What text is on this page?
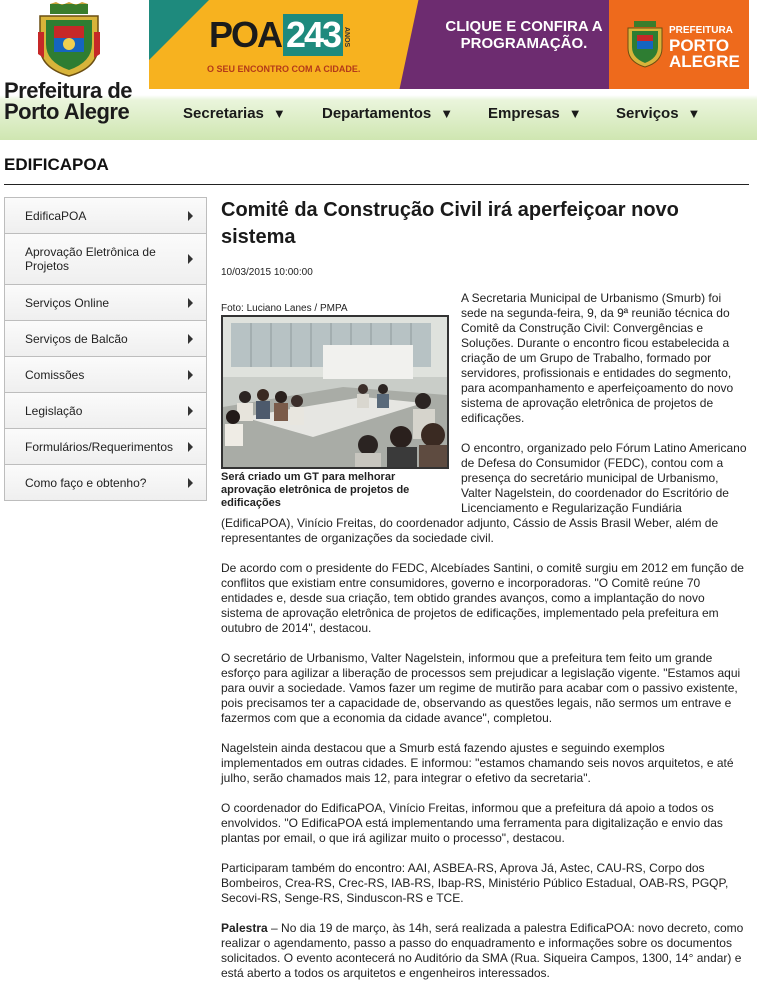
Prefeitura de
Porto Alegre
POA 243 ANOS
O SEU ENCONTRO COM A CIDADE.
CLIQUE E CONFIRA A PROGRAMAÇÃO.
PREFEITURA
PORTO
ALEGRE
Secretarias ▼ Departamentos ▼ Empresas ▼ Serviços ▼
EDIFICAPOA
EdificaPOA
Aprovação Eletrônica de Projetos
Serviços Online
Serviços de Balcão
Comissões
Legislação
Formulários/Requerimentos
Como faço e obtenho?
Comitê da Construção Civil irá aperfeiçoar novo sistema
10/03/2015 10:00:00
Foto: Luciano Lanes / PMPA
Será criado um GT para melhorar aprovação eletrônica de projetos de edificações

A Secretaria Municipal de Urbanismo (Smurb) foi sede na segunda-feira, 9, da 9ª reunião técnica do Comitê da Construção Civil: Convergências e Soluções. Durante o encontro ficou estabelecida a criação de um Grupo de Trabalho, formado por servidores, profissionais e entidades do segmento, para acompanhamento e aperfeiçoamento do novo sistema de aprovação eletrônica de projetos de edificações.

O encontro, organizado pelo Fórum Latino Americano de Defesa do Consumidor (FEDC), contou com a presença do secretário municipal de Urbanismo, Valter Nagelstein, do coordenador do Escritório de Licenciamento e Regularização Fundiária (EdificaPOA), Vinício Freitas, do coordenador adjunto, Cássio de Assis Brasil Weber, além de representantes de organizações da sociedade civil.

De acordo com o presidente do FEDC, Alcebíades Santini, o comitê surgiu em 2012 em função de conflitos que existiam entre consumidores, governo e incorporadoras. "O Comitê reúne 70 entidades e, desde sua criação, tem obtido grandes avanços, como a implantação do novo sistema de aprovação eletrônica de projetos de edificações, implementado pela prefeitura em outubro de 2014", destacou.

O secretário de Urbanismo, Valter Nagelstein, informou que a prefeitura tem feito um grande esforço para agilizar a liberação de processos sem prejudicar a legislação vigente. "Estamos aqui para ouvir a sociedade. Vamos fazer um regime de mutirão para acabar com o passivo existente, pois precisamos ter a capacidade de, observando as questões legais, não sermos um entrave e fazermos com que a economia da cidade avance", completou.

Nagelstein ainda destacou que a Smurb está fazendo ajustes e seguindo exemplos implementados em outras cidades. E informou: "estamos chamando seis novos arquitetos, e até julho, serão chamados mais 12, para integrar o efetivo da secretaria".

O coordenador do EdificaPOA, Vinício Freitas, informou que a prefeitura dá apoio a todos os envolvidos. "O EdificaPOA está implementando uma ferramenta para digitalização e envio das plantas por email, o que irá agilizar muito o processo", destacou.

Participaram também do encontro: AAI, ASBEA-RS, Aprova Já, Astec, CAU-RS, Corpo dos Bombeiros, Crea-RS, Crec-RS, IAB-RS, Ibap-RS, Ministério Público Estadual, OAB-RS, PGQP, Secovi-RS, Senge-RS, Sinduscon-RS e TCE.

Palestra – No dia 19 de março, às 14h, será realizada a palestra EdificaPOA: novo decreto, como realizar o agendamento, passo a passo do enquadramento e informações sobre os documentos solicitados. O evento acontecerá no Auditório da SMA (Rua. Siqueira Campos, 1300, 14° andar) e está aberto a todos os arquitetos e engenheiros interessados.
